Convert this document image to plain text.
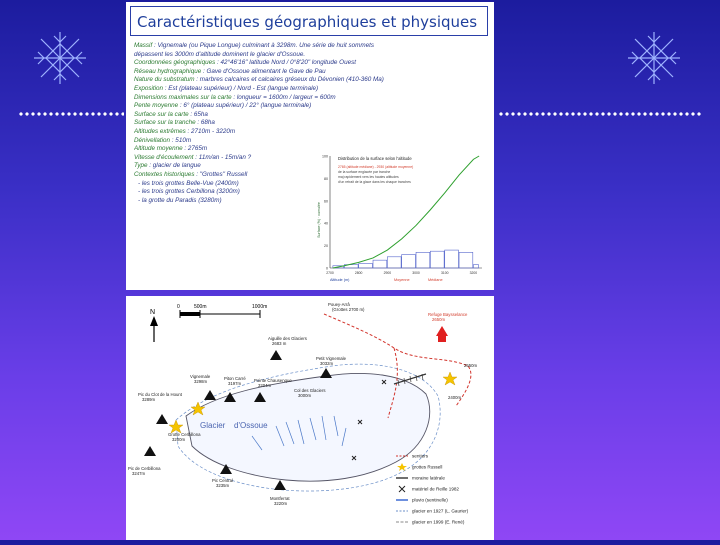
Caractéristiques géographiques et physiques
Massif : Vignemale (ou Pique Longue) culminant à 3298m. Une série de huit sommets
dépassent les 3000m d'altitude dominent le glacier d'Ossoue.
Coordonnées géographiques : 42°46'16" latitude Nord / 0°8'20" longitude Ouest
Réseau hydrographique : Gave d'Ossoue alimentant le Gave de Pau
Nature du substratum : marbres calcaires et calcaires gréseux du Dévonien (410-360 Ma)
Exposition : Est (plateau supérieur) / Nord - Est (langue terminale)
Dimensions maximales sur la carte : longueur = 1600m / largeur = 600m
Pente moyenne : 6° (plateau supérieur) / 22° (langue terminale)
Surface sur la carte : 65ha
Surface sur la tranche : 68ha
Altitudes extrêmes : 2710m - 3220m
Dénivellation : 510m
Altitude moyenne : 2765m
Vitesse d'écoulement : 11m/an - 15m/an ?
Type : glacier de langue
Contextes historiques : "Grottes" Russell
- les trois grottes Belle-Vue (2400m)
- les trois grottes Cerbillona (3200m)
- la grotte du Paradis (3280m)
100
80
60
40
20
0
2700	2800	2900	3000	3100	3200
Distribution de la surface selon l'altitude
2765 (altitude médiane) - 2930 (altitude moyenne)
de la surface englacée par tranche
maj rapidement vers les hautes altitudes
d'un retrait de la glace dans les chaque tranches
Surface (%) · cumulée
Altitude (m)	Moyenne	Médiane
N
0	500m	1000m
Glacier d'Ossoue
Pouey-Arrâ
(Grottes 2700 m)
Refuge Baysselance
2650m
Aiguille des Glaciers
2683 m
Petit Vignemale
3032m
Vignemale
3298m
Piton Carré
3197m
Pointe Chausenque
3204m
Col des Glaciers
3000m
Pic du Clot de la Hount
3289m
Grotte Cerbillona
3200m
Pic de Cerbillona
3247m
Pic Central
3235m
Montferrat
3220m
2400m
2550m
sentiers
grottes Russell
moraine latérale
matériel de Reille 1982
pluvio (sentinelle)
glacier en 1927 (L. Gaurier)
glacier en 1999 (E. René)
